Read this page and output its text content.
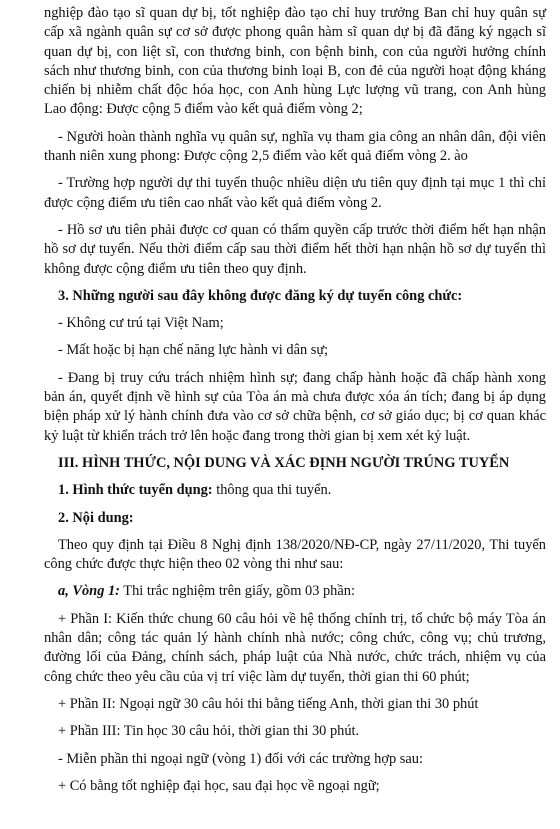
nghiệp đào tạo sĩ quan dự bị, tốt nghiệp đào tạo chỉ huy trưởng Ban chỉ huy quân sự cấp xã ngành quân sự cơ sở được phong quân hàm sĩ quan dự bị đã đăng ký ngạch sĩ quan dự bị, con liệt sĩ, con thương binh, con bệnh binh, con của người hưởng chính sách như thương binh, con của thương binh loại B, con đẻ của người hoạt động kháng chiến bị nhiễm chất độc hóa học, con Anh hùng Lực lượng vũ trang, con Anh hùng Lao động: Được cộng 5 điểm vào kết quả điểm vòng 2;

- Người hoàn thành nghĩa vụ quân sự, nghĩa vụ tham gia công an nhân dân, đội viên thanh niên xung phong: Được cộng 2,5 điểm vào kết quả điểm vòng 2. ào

- Trường hợp người dự thi tuyển thuộc nhiều diện ưu tiên quy định tại mục 1 thì chỉ được cộng điểm ưu tiên cao nhất vào kết quả điểm vòng 2.

- Hồ sơ ưu tiên phải được cơ quan có thẩm quyền cấp trước thời điểm hết hạn nhận hồ sơ dự tuyển. Nếu thời điểm cấp sau thời điểm hết thời hạn nhận hồ sơ dự tuyển thì không được cộng điểm ưu tiên theo quy định.

3. Những người sau đây không được đăng ký dự tuyển công chức:

- Không cư trú tại Việt Nam;

- Mất hoặc bị hạn chế năng lực hành vi dân sự;

- Đang bị truy cứu trách nhiệm hình sự; đang chấp hành hoặc đã chấp hành xong bản án, quyết định về hình sự của Tòa án mà chưa được xóa án tích; đang bị áp dụng biện pháp xử lý hành chính đưa vào cơ sở chữa bệnh, cơ sở giáo dục; bị cơ quan khác kỷ luật từ khiển trách trở lên hoặc đang trong thời gian bị xem xét kỷ luật.

III. HÌNH THỨC, NỘI DUNG VÀ XÁC ĐỊNH NGƯỜI TRÚNG TUYỂN

1. Hình thức tuyển dụng: thông qua thi tuyển.

2. Nội dung:

Theo quy định tại Điều 8 Nghị định 138/2020/NĐ-CP, ngày 27/11/2020, Thi tuyển công chức được thực hiện theo 02 vòng thi như sau:

a, Vòng 1: Thi trắc nghiệm trên giấy, gồm 03 phần:

+ Phần I: Kiến thức chung 60 câu hỏi về hệ thống chính trị, tổ chức bộ máy Tòa án nhân dân; công tác quản lý hành chính nhà nước; công chức, công vụ; chủ trương, đường lối của Đảng, chính sách, pháp luật của Nhà nước, chức trách, nhiệm vụ của công chức theo yêu cầu của vị trí việc làm dự tuyển, thời gian thi 60 phút;

+ Phần II: Ngoại ngữ 30 câu hỏi thi bằng tiếng Anh, thời gian thi 30 phút

+ Phần III: Tin học 30 câu hỏi, thời gian thi 30 phút.

- Miễn phần thi ngoại ngữ (vòng 1) đối với các trường hợp sau:

+ Có bằng tốt nghiệp đại học, sau đại học về ngoại ngữ;
